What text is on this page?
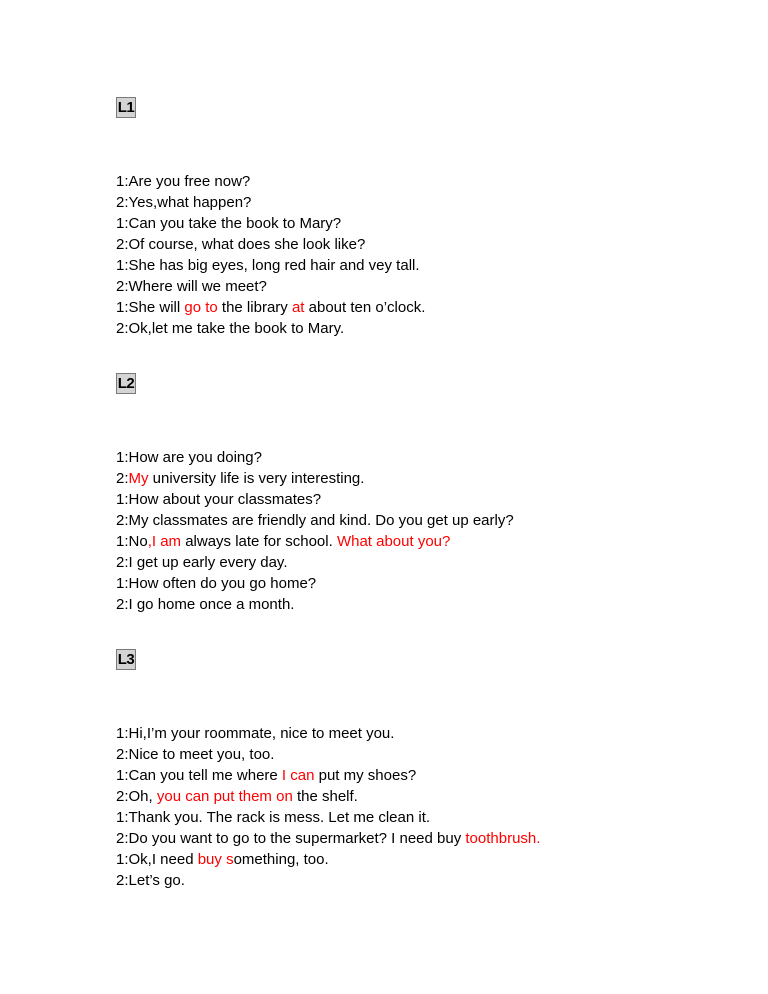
L1
1:Are you free now?
2:Yes,what happen?
1:Can you take the book to Mary?
2:Of course, what does she look like?
1:She has big eyes, long red hair and vey tall.
2:Where will we meet?
1:She will go to the library at about ten o’clock.
2:Ok,let me take the book to Mary.
L2
1:How are you doing?
2:My university life is very interesting.
1:How about your classmates?
2:My classmates are friendly and kind. Do you get up early?
1:No,I am always late for school. What about you?
2:I get up early every day.
1:How often do you go home?
2:I go home once a month.
L3
1:Hi,I’m your roommate, nice to meet you.
2:Nice to meet you, too.
1:Can you tell me where I can put my shoes?
2:Oh, you can put them on the shelf.
1:Thank you. The rack is mess. Let me clean it.
2:Do you want to go to the supermarket? I need buy toothbrush.
1:Ok,I need buy something, too.
2:Let’s go.
